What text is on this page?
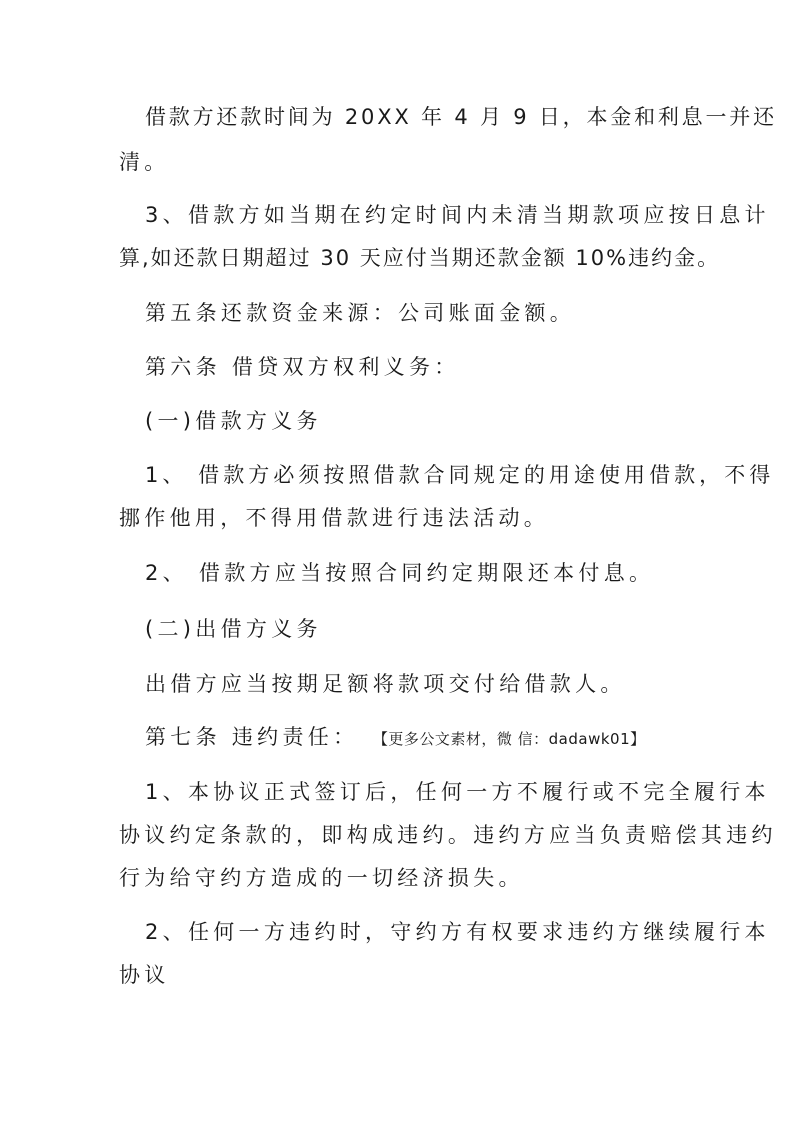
借款方还款时间为 20XX 年 4 月 9 日，本金和利息一并还
清。
3、借款方如当期在约定时间内未清当期款项应按日息计
算,如还款日期超过 30 天应付当期还款金额 10%违约金。
第五条还款资金来源：公司账面金额。
第六条 借贷双方权利义务：
(一)借款方义务
1、 借款方必须按照借款合同规定的用途使用借款，不得
挪作他用，不得用借款进行违法活动。
2、 借款方应当按照合同约定期限还本付息。
(二)出借方义务
出借方应当按期足额将款项交付给借款人。
第七条 违约责任： 【更多公文素材，微 信：dadawk01】
1、本协议正式签订后，任何一方不履行或不完全履行本
协议约定条款的，即构成违约。违约方应当负责赔偿其违约
行为给守约方造成的一切经济损失。
2、任何一方违约时，守约方有权要求违约方继续履行本
协议
